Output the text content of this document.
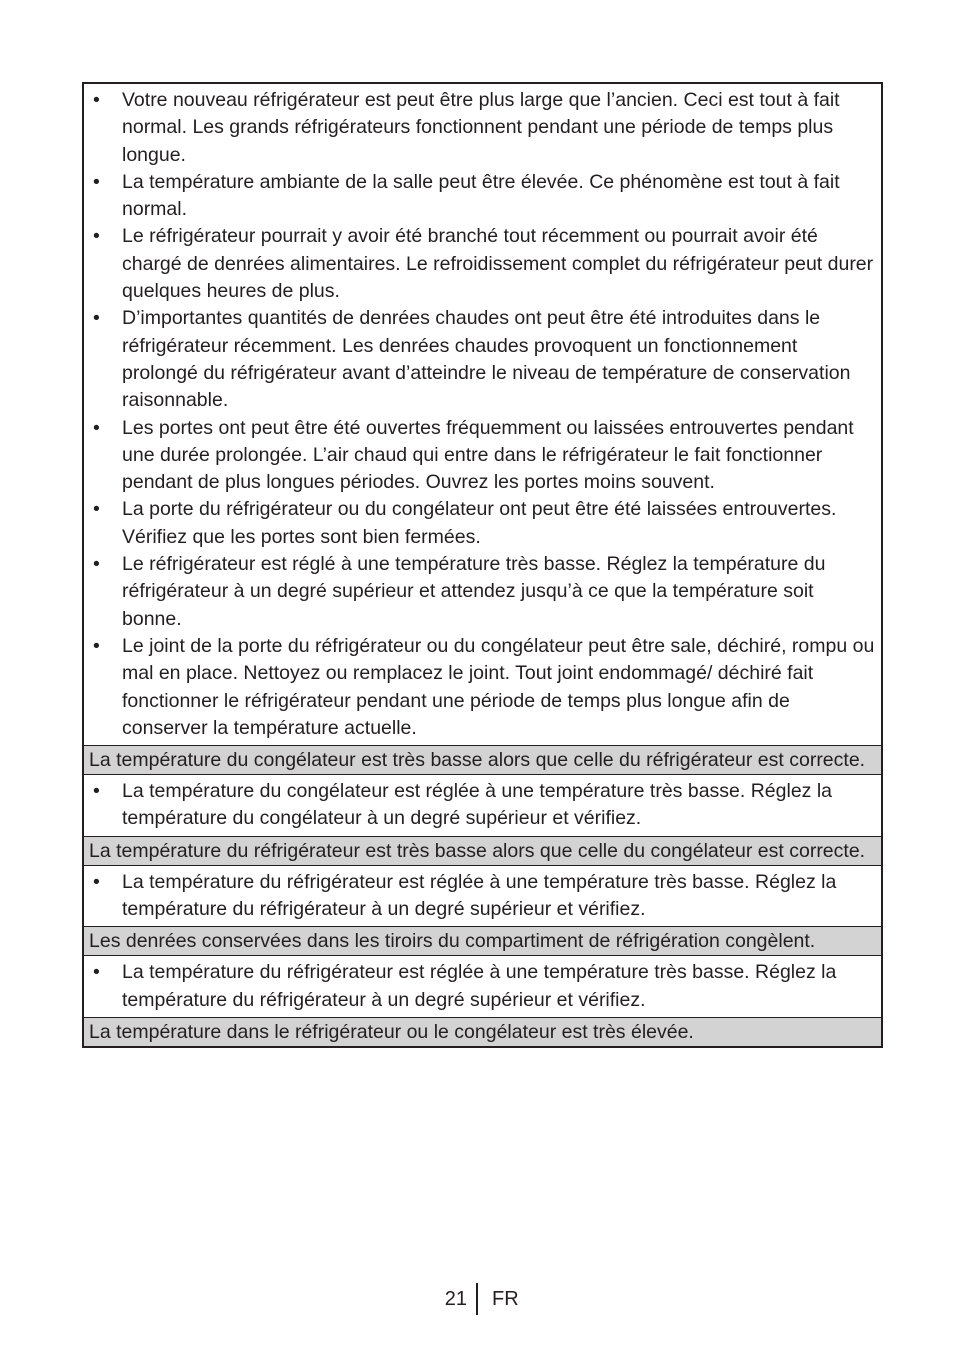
• Votre nouveau réfrigérateur est peut être plus large que l’ancien. Ceci est tout à fait normal. Les grands réfrigérateurs fonctionnent pendant une période de temps plus longue.
• La température ambiante de la salle peut être élevée. Ce phénomène est tout à fait normal.
• Le réfrigérateur pourrait y avoir été branché tout récemment ou pourrait avoir été chargé de denrées alimentaires. Le refroidissement complet du réfrigérateur peut durer quelques heures de plus.
• D’importantes quantités de denrées chaudes ont peut être été introduites dans le réfrigérateur récemment. Les denrées chaudes provoquent un fonctionnement prolongé du réfrigérateur avant d’atteindre le niveau de température de conservation raisonnable.
• Les portes ont peut être été ouvertes fréquemment ou laissées entrouvertes pendant une durée prolongée. L’air chaud qui entre dans le réfrigérateur le fait fonctionner pendant de plus longues périodes. Ouvrez les portes moins souvent.
• La porte du réfrigérateur ou du congélateur ont peut être été laissées entrouvertes. Vérifiez que les portes sont bien fermées.
• Le réfrigérateur est réglé à une température très basse. Réglez la température du réfrigérateur à un degré supérieur et attendez jusqu’à ce que la température soit bonne.
• Le joint de la porte du réfrigérateur ou du congélateur peut être sale, déchiré, rompu ou mal en place. Nettoyez ou remplacez le joint. Tout joint endommagé/ déchiré fait fonctionner le réfrigérateur pendant une période de temps plus longue afin de conserver la température actuelle.
La température du congélateur est très basse alors que celle du réfrigérateur est correcte.
• La température du congélateur est réglée à une température très basse. Réglez la température du congélateur à un degré supérieur et vérifiez.
La température du réfrigérateur est très basse alors que celle du congélateur est correcte.
• La température du réfrigérateur est réglée à une température très basse. Réglez la température du réfrigérateur à un degré supérieur et vérifiez.
Les denrées conservées dans les tiroirs du compartiment de réfrigération congèlent.
• La température du réfrigérateur est réglée à une température très basse. Réglez la température du réfrigérateur à un degré supérieur et vérifiez.
La température dans le réfrigérateur ou le congélateur est très élevée.
21 FR
